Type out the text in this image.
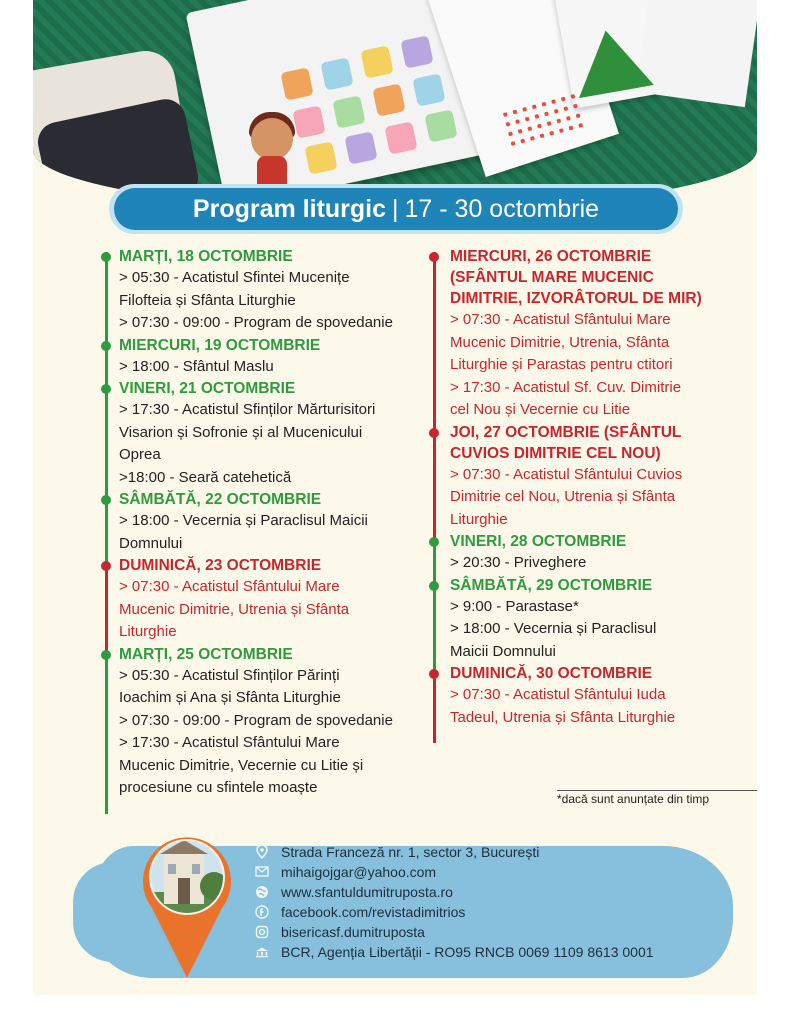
Program liturgic | 17 - 30 octombrie
MARȚI, 18 OCTOMBRIE
> 05:30 - Acatistul Sfintei Mucenițe
Filofteia și Sfânta Liturghie
> 07:30 - 09:00 - Program de spovedanie
MIERCURI, 19 OCTOMBRIE
> 18:00 - Sfântul Maslu
VINERI, 21 OCTOMBRIE
> 17:30 - Acatistul Sfinților Mărturisitori
Visarion și Sofronie și al Mucenicului
Oprea
>18:00 - Seară catehetică
SÂMBĂTĂ, 22 OCTOMBRIE
> 18:00 - Vecernia și Paraclisul Maicii
Domnului
DUMINICĂ, 23 OCTOMBRIE
> 07:30 - Acatistul Sfântului Mare
Mucenic Dimitrie, Utrenia și Sfânta
Liturghie
MARȚI, 25 OCTOMBRIE
> 05:30 - Acatistul Sfinților Părinți
Ioachim și Ana și Sfânta Liturghie
> 07:30 - 09:00 - Program de spovedanie
> 17:30 - Acatistul Sfântului Mare
Mucenic Dimitrie, Vecernie cu Litie și
procesiune cu sfintele moaște
MIERCURI, 26 OCTOMBRIE
(SFÂNTUL MARE MUCENIC
DIMITRIE, IZVORÂTORUL DE MIR)
> 07:30 - Acatistul Sfântului Mare
Mucenic Dimitrie, Utrenia, Sfânta
Liturghie și Parastas pentru ctitori
> 17:30 - Acatistul Sf. Cuv. Dimitrie
cel Nou și Vecernie cu Litie
JOI, 27 OCTOMBRIE (SFÂNTUL
CUVIOS DIMITRIE CEL NOU)
> 07:30 - Acatistul Sfântului Cuvios
Dimitrie cel Nou, Utrenia și Sfânta
Liturghie
VINERI, 28 OCTOMBRIE
> 20:30 - Priveghere
SÂMBĂTĂ, 29 OCTOMBRIE
> 9:00 - Parastase*
> 18:00 - Vecernia și Paraclisul
Maicii Domnului
DUMINICĂ, 30 OCTOMBRIE
> 07:30 - Acatistul Sfântului Iuda
Tadeul, Utrenia și Sfânta Liturghie
*dacă sunt anunțate din timp
Strada Franceză nr. 1, sector 3, București
mihaigojgar@yahoo.com
www.sfantuldumitruposta.ro
facebook.com/revistadimitrios
bisericasf.dumitruposta
BCR, Agenția Libertății - RO95 RNCB 0069 1109 8613 0001
